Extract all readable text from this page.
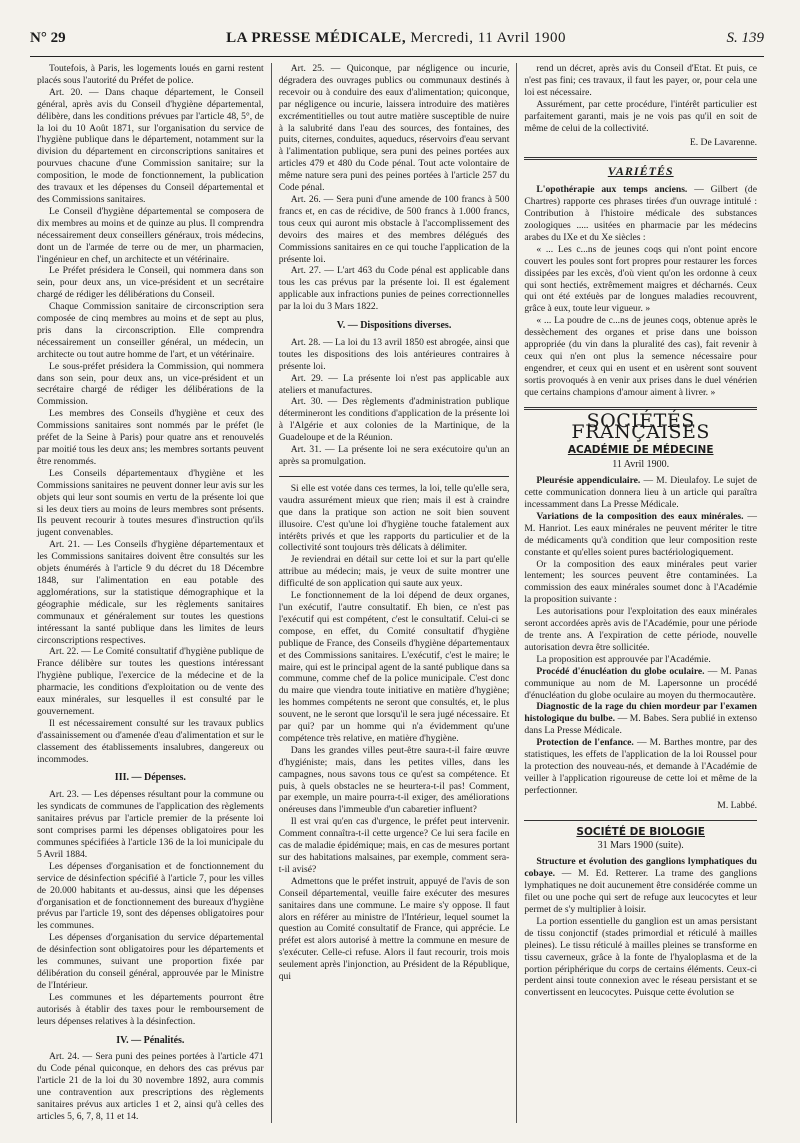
N° 29	LA PRESSE MÉDICALE, Mercredi, 11 Avril 1900	S. 139

Toutefois, à Paris, les logements loués en garni restent placés sous l'autorité du Préfet de police.

Art. 20. — Dans chaque département, le Conseil général, après avis du Conseil d'hygiène départemental, délibère, dans les conditions prévues par l'article 48, 5°, de la loi du 10 Août 1871, sur l'organisation du service de l'hygiène publique dans le département, notamment sur la division du département en circonscriptions sanitaires et pourvues chacune d'une Commission sanitaire; sur la composition, le mode de fonctionnement, la publication des travaux et les dépenses du Conseil départemental et des Commissions sanitaires.

Le Conseil d'hygiène départemental se composera de dix membres au moins et de quinze au plus. Il comprendra nécessairement deux conseillers généraux, trois médecins, dont un de l'armée de terre ou de mer, un pharmacien, l'ingénieur en chef, un architecte et un vétérinaire.

Le Préfet présidera le Conseil, qui nommera dans son sein, pour deux ans, un vice-président et un secrétaire chargé de rédiger les délibérations du Conseil.

Chaque Commission sanitaire de circonscription sera composée de cinq membres au moins et de sept au plus, pris dans la circonscription. Elle comprendra nécessairement un conseiller général, un médecin, un architecte ou tout autre homme de l'art, et un vétérinaire.

Le sous-préfet présidera la Commission, qui nommera dans son sein, pour deux ans, un vice-président et un secrétaire chargé de rédiger les délibérations de la Commission.

Les membres des Conseils d'hygiène et ceux des Commissions sanitaires sont nommés par le préfet (le préfet de la Seine à Paris) pour quatre ans et renouvelés par moitié tous les deux ans; les membres sortants peuvent être renommés.

Les Conseils départementaux d'hygiène et les Commissions sanitaires ne peuvent donner leur avis sur les objets qui leur sont soumis en vertu de la présente loi que si les deux tiers au moins de leurs membres sont présents. Ils peuvent recourir à toutes mesures d'instruction qu'ils jugent convenables.

Art. 21. — Les Conseils d'hygiène départementaux et les Commissions sanitaires doivent être consultés sur les objets énumérés à l'article 9 du décret du 18 Décembre 1848, sur l'alimentation en eau potable des agglomérations, sur la statistique démographique et la géographie médicale, sur les règlements sanitaires communaux et généralement sur toutes les questions intéressant la santé publique dans les limites de leurs circonscriptions respectives.

Art. 22. — Le Comité consultatif d'hygiène publique de France délibère sur toutes les questions intéressant l'hygiène publique, l'exercice de la médecine et de la pharmacie, les conditions d'exploitation ou de vente des eaux minérales, sur lesquelles il est consulté par le gouvernement.

Il est nécessairement consulté sur les travaux publics d'assainissement ou d'amenée d'eau d'alimentation et sur le classement des établissements insalubres, dangereux ou incommodes.

III. — Dépenses.

Art. 23. — Les dépenses résultant pour la commune ou les syndicats de communes de l'application des règlements sanitaires prévus par l'article premier de la présente loi sont comprises parmi les dépenses obligatoires pour les communes spécifiées à l'article 136 de la loi municipale du 5 Avril 1884.

Les dépenses d'organisation et de fonctionnement du service de désinfection spécifié à l'article 7, pour les villes de 20.000 habitants et au-dessus, ainsi que les dépenses d'organisation et de fonctionnement des bureaux d'hygiène prévus par l'article 19, sont des dépenses obligatoires pour les communes.

Les dépenses d'organisation du service départemental de désinfection sont obligatoires pour les départements et les communes, suivant une proportion fixée par délibération du conseil général, approuvée par le Ministre de l'Intérieur.

Les communes et les départements pourront être autorisés à établir des taxes pour le remboursement de leurs dépenses relatives à la désinfection.

IV. — Pénalités.

Art. 24. — Sera puni des peines portées à l'article 471 du Code pénal quiconque, en dehors des cas prévus par l'article 21 de la loi du 30 novembre 1892, aura commis une contravention aux prescriptions des règlements sanitaires prévus aux articles 1 et 2, ainsi qu'à celles des articles 5, 6, 7, 8, 11 et 14.

Art. 25. — Quiconque, par négligence ou incurie, dégradera des ouvrages publics ou communaux destinés à recevoir ou à conduire des eaux d'alimentation; quiconque, par négligence ou incurie, laissera introduire des matières excrémentitielles ou tout autre matière susceptible de nuire à la salubrité dans l'eau des sources, des fontaines, des puits, citernes, conduites, aqueducs, réservoirs d'eau servant à l'alimentation publique, sera puni des peines portées aux articles 479 et 480 du Code pénal. Tout acte volontaire de même nature sera puni des peines portées à l'article 257 du Code pénal.

Art. 26. — Sera puni d'une amende de 100 francs à 500 francs et, en cas de récidive, de 500 francs à 1.000 francs, tous ceux qui auront mis obstacle à l'accomplissement des devoirs des maires et des membres délégués des Commissions sanitaires en ce qui touche l'application de la présente loi.

Art. 27. — L'art 463 du Code pénal est applicable dans tous les cas prévus par la présente loi. Il est également applicable aux infractions punies de peines correctionnelles par la loi du 3 Mars 1822.

V. — Dispositions diverses.

Art. 28. — La loi du 13 avril 1850 est abrogée, ainsi que toutes les dispositions des lois antérieures contraires à présente loi.

Art. 29. — La présente loi n'est pas applicable aux ateliers et manufactures.

Art. 30. — Des règlements d'administration publique détermineront les conditions d'application de la présente loi à l'Algérie et aux colonies de la Martinique, de la Guadeloupe et de la Réunion.

Art. 31. — La présente loi ne sera exécutoire qu'un an après sa promulgation.

Si elle est votée dans ces termes, la loi, telle qu'elle sera, vaudra assurément mieux que rien; mais il est à craindre que dans la pratique son action ne soit bien souvent illusoire. C'est qu'une loi d'hygiène touche fatalement aux intérêts privés et que les rapports du particulier et de la collectivité sont toujours très délicats à délimiter.

Je reviendrai en détail sur cette loi et sur la part qu'elle attribue au médecin; mais, je veux de suite montrer une difficulté de son application qui saute aux yeux.

Le fonctionnement de la loi dépend de deux organes, l'un exécutif, l'autre consultatif. Eh bien, ce n'est pas l'exécutif qui est compétent, c'est le consultatif. Celui-ci se compose, en effet, du Comité consultatif d'hygiène publique de France, des Conseils d'hygiène départementaux et des Commissions sanitaires. L'exécutif, c'est le maire; le maire, qui est le principal agent de la santé publique dans sa commune, comme chef de la police municipale. C'est donc du maire que viendra toute initiative en matière d'hygiène; les hommes compétents ne seront que consultés, et, le plus souvent, ne le seront que lorsqu'il le sera jugé nécessaire. Et par qui? par un homme qui n'a évidemment qu'une compétence très relative, en matière d'hygiène.

Dans les grandes villes peut-être saura-t-il faire œuvre d'hygiéniste; mais, dans les petites villes, dans les campagnes, nous savons tous ce qu'est sa compétence. Et puis, à quels obstacles ne se heurtera-t-il pas! Comment, par exemple, un maire pourra-t-il exiger, des améliorations onéreuses dans l'immeuble d'un cabaretier influent?

Il est vrai qu'en cas d'urgence, le préfet peut intervenir. Comment connaîtra-t-il cette urgence? Ce lui sera facile en cas de maladie épidémique; mais, en cas de mesures portant sur des habitations malsaines, par exemple, comment sera-t-il avisé?

Admettons que le préfet instruit, appuyé de l'avis de son Conseil départemental, veuille faire exécuter des mesures sanitaires dans une commune. Le maire s'y oppose. Il faut alors en référer au ministre de l'Intérieur, lequel soumet la question au Comité consultatif de France, qui apprécie. Le préfet est alors autorisé à mettre la commune en mesure de s'exécuter. Celle-ci refuse. Alors il faut recourir, trois mois seulement après l'injonction, au Président de la République, qui

rend un décret, après avis du Conseil d'Etat. Et puis, ce n'est pas fini; ces travaux, il faut les payer, or, pour cela une loi est nécessaire.

Assurément, par cette procédure, l'intérêt particulier est parfaitement garanti, mais je ne vois pas qu'il en soit de même de celui de la collectivité.

E. De Lavarenne.
VARIÉTÉS

L'opothérapie aux temps anciens. — Gilbert (de Chartres) rapporte ces phrases tirées d'un ouvrage intitulé : Contribution à l'histoire médicale des substances zoologiques ..... usitées en pharmacie par les médecins arabes du IXe et du Xe siècles :

« ... Les c...ns de jeunes coqs qui n'ont point encore couvert les poules sont fort propres pour restaurer les forces dissipées par les excès, d'où vient qu'on les ordonne à ceux qui sont hectiés, extrêmement maigres et décharnés. Ceux qui ont été extéuès par de longues maladies recouvrent, grâce à eux, toute leur vigueur. »

« ... La poudre de c...ns de jeunes coqs, obtenue après le dessèchement des organes et prise dans une boisson appropriée (du vin dans la pluralité des cas), fait revenir à ceux qui n'en ont plus la semence nécessaire pour engendrer, et ceux qui en usent et en usèrent sont souvent sortis provoqués à en venir aux prises dans le duel vénérien que certains champions d'amour aiment à livrer. »

SOCIÉTÉS FRANÇAISES
ACADÉMIE DE MÉDECINE
11 Avril 1900.

Pleurésie appendiculaire. — M. Dieulafoy. Le sujet de cette communication donnera lieu à un article qui paraîtra incessamment dans La Presse Médicale.

Variations de la composition des eaux minérales. — M. Hanriot. Les eaux minérales ne peuvent mériter le titre de médicaments qu'à condition que leur composition reste constante et qu'elles soient pures bactériologiquement.

Or la composition des eaux minérales peut varier lentement; les sources peuvent être contaminées. La commission des eaux minérales soumet donc à l'Académie la proposition suivante :

Les autorisations pour l'exploitation des eaux minérales seront accordées après avis de l'Académie, pour une période de trente ans. A l'expiration de cette période, nouvelle autorisation devra être sollicitée.

La proposition est approuvée par l'Académie.

Procédé d'énucléation du globe oculaire. — M. Panas communique au nom de M. Lapersonne un procédé d'énucléation du globe oculaire au moyen du thermocautère.

Diagnostic de la rage du chien mordeur par l'examen histologique du bulbe. — M. Babes. Sera publié in extenso dans La Presse Médicale.

Protection de l'enfance. — M. Barthes montre, par des statistiques, les effets de l'application de la loi Roussel pour la protection des nouveau-nés, et demande à l'Académie de veiller à l'application rigoureuse de cette loi et même de la perfectionner.

M. Labbé.
SOCIÉTÉ DE BIOLOGIE
31 Mars 1900 (suite).

Structure et évolution des ganglions lymphatiques du cobaye. — M. Ed. Retterer. La trame des ganglions lymphatiques ne doit aucunement être considérée comme un filet ou une poche qui sert de refuge aux leucocytes et leur permet de s'y multiplier à loisir.

La portion essentielle du ganglion est un amas persistant de tissu conjonctif (stades primordial et réticulé à mailles pleines). Le tissu réticulé à mailles pleines se transforme en tissu caverneux, grâce à la fonte de l'hyaloplasma et de la portion périphérique du corps de certains éléments. Ceux-ci perdent ainsi toute connexion avec le réseau persistant et se convertissent en leucocytes. Puisque cette évolution se
